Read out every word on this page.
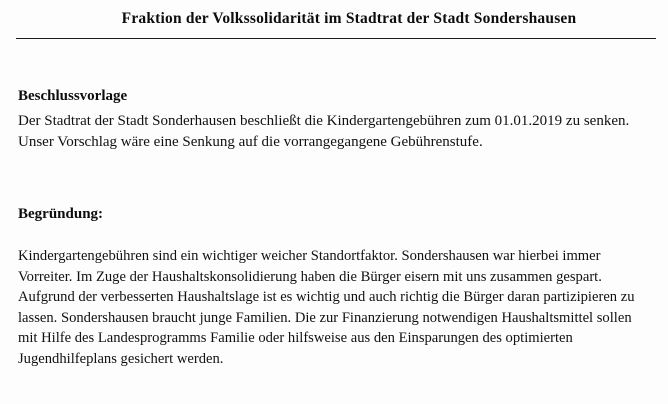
Fraktion der Volkssolidarität im Stadtrat der Stadt Sondershausen

Beschlussvorlage

Der Stadtrat der Stadt Sonderhausen beschließt die Kindergartengebühren zum 01.01.2019 zu senken. Unser Vorschlag wäre eine Senkung auf die vorrangegangene Gebührenstufe.

Begründung:

Kindergartengebühren sind ein wichtiger weicher Standortfaktor. Sondershausen war hierbei immer Vorreiter. Im Zuge der Haushaltskonsolidierung haben die Bürger eisern mit uns zusammen gespart. Aufgrund der verbesserten Haushaltslage ist es wichtig und auch richtig die Bürger daran partizipieren zu lassen. Sondershausen braucht junge Familien. Die zur Finanzierung notwendigen Haushaltsmittel sollen mit Hilfe des Landesprogramms Familie oder hilfsweise aus den Einsparungen des optimierten Jugendhilfeplans gesichert werden.
